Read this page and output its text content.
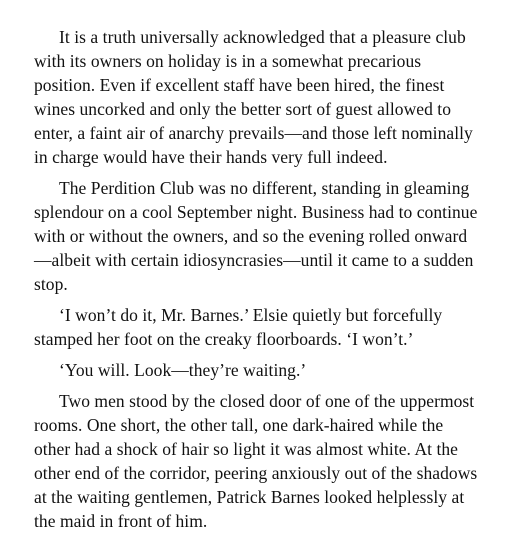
It is a truth universally acknowledged that a pleasure club
with its owners on holiday is in a somewhat precarious
position. Even if excellent staff have been hired, the finest
wines uncorked and only the better sort of guest allowed to
enter, a faint air of anarchy prevails—and those left nominally
in charge would have their hands very full indeed.
The Perdition Club was no different, standing in gleaming
splendour on a cool September night. Business had to continue
with or without the owners, and so the evening rolled onward
—albeit with certain idiosyncrasies—until it came to a sudden
stop.
‘I won’t do it, Mr. Barnes.’ Elsie quietly but forcefully
stamped her foot on the creaky floorboards. ‘I won’t.’
‘You will. Look—they’re waiting.’
Two men stood by the closed door of one of the uppermost
rooms. One short, the other tall, one dark-haired while the
other had a shock of hair so light it was almost white. At the
other end of the corridor, peering anxiously out of the shadows
at the waiting gentlemen, Patrick Barnes looked helplessly at
the maid in front of him.
